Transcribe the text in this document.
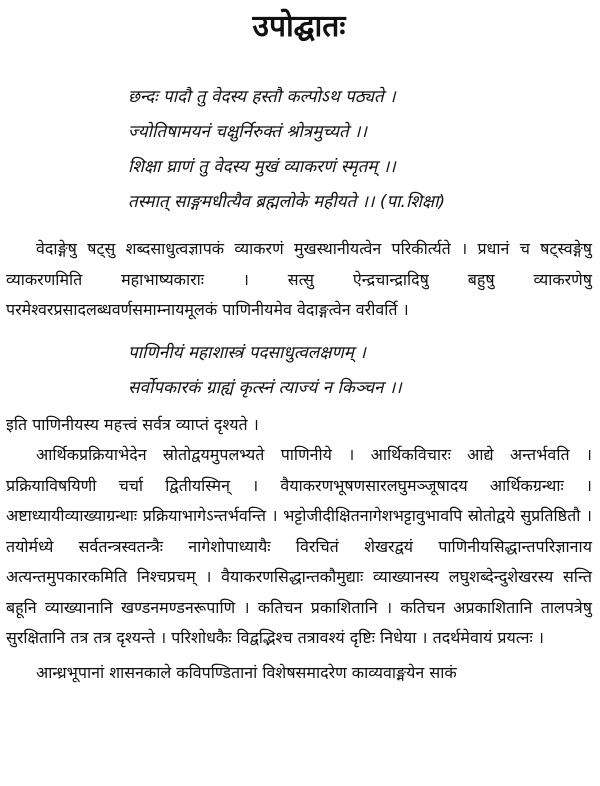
उपोद्घातः
छन्दः पादौ तु वेदस्य हस्तौ कल्पोऽथ पठ्यते ।
ज्योतिषामयनं चक्षुर्निरुक्तं श्रोत्रमुच्यते ।।
शिक्षा घ्राणं तु वेदस्य मुखं व्याकरणं स्मृतम् ।।
तस्मात् साङ्गमधीत्यैव ब्रह्मलोके महीयते ।। (पा.शिक्षा)

वेदाङ्गेषु षट्सु शब्दसाधुत्वज्ञापकं व्याकरणं मुखस्थानीयत्वेन परिकीर्त्यते । प्रधानं च षट्स्वङ्गेषु व्याकरणमिति महाभाष्यकाराः । सत्सु ऐन्द्रचान्द्रादिषु बहुषु व्याकरणेषु परमेश्वरप्रसादलब्धवर्णसमाम्नायमूलकं पाणिनीयमेव वेदाङ्गत्वेन वरीवर्ति ।

पाणिनीयं महाशास्त्रं पदसाधुत्वलक्षणम् ।
सर्वोपकारकं ग्राह्यं कृत्स्नं त्याज्यं न किञ्चन ।।

इति पाणिनीयस्य महत्त्वं सर्वत्र व्याप्तं दृश्यते ।

आर्थिकप्रक्रियाभेदेन स्रोतोद्वयमुपलभ्यते पाणिनीये । आर्थिकविचारः आद्ये अन्तर्भवति । प्रक्रियाविषयिणी चर्चा द्वितीयस्मिन् । वैयाकरणभूषणसारलघुमञ्जूषादय आर्थिकग्रन्थाः । अष्टाध्यायीव्याख्याग्रन्थाः प्रक्रियाभागेऽन्तर्भवन्ति । भट्टोजीदीक्षितनागेशभट्टावुभावपि स्रोतोद्वये सुप्रतिष्ठितौ । तयोर्मध्ये सर्वतन्त्रस्वतन्त्रैः नागेशोपाध्यायैः विरचितं शेखरद्वयं पाणिनीयसिद्धान्तपरिज्ञानाय अत्यन्तमुपकारकमिति निश्चप्रचम् । वैयाकरणसिद्धान्तकौमुद्याः व्याख्यानस्य लघुशब्देन्दुशेखरस्य सन्ति बहूनि व्याख्यानानि खण्डनमण्डनरूपाणि । कतिचन प्रकाशितानि । कतिचन अप्रकाशितानि तालपत्रेषु सुरक्षितानि तत्र तत्र दृश्यन्ते । परिशोधकैः विद्वद्भिश्च तत्रावश्यं दृष्टिः निधेया । तदर्थमेवायं प्रयत्नः ।

आन्ध्रभूपानां शासनकाले कविपण्डितानां विशेषसमादरेण काव्यवाङ्मयेन साकं
